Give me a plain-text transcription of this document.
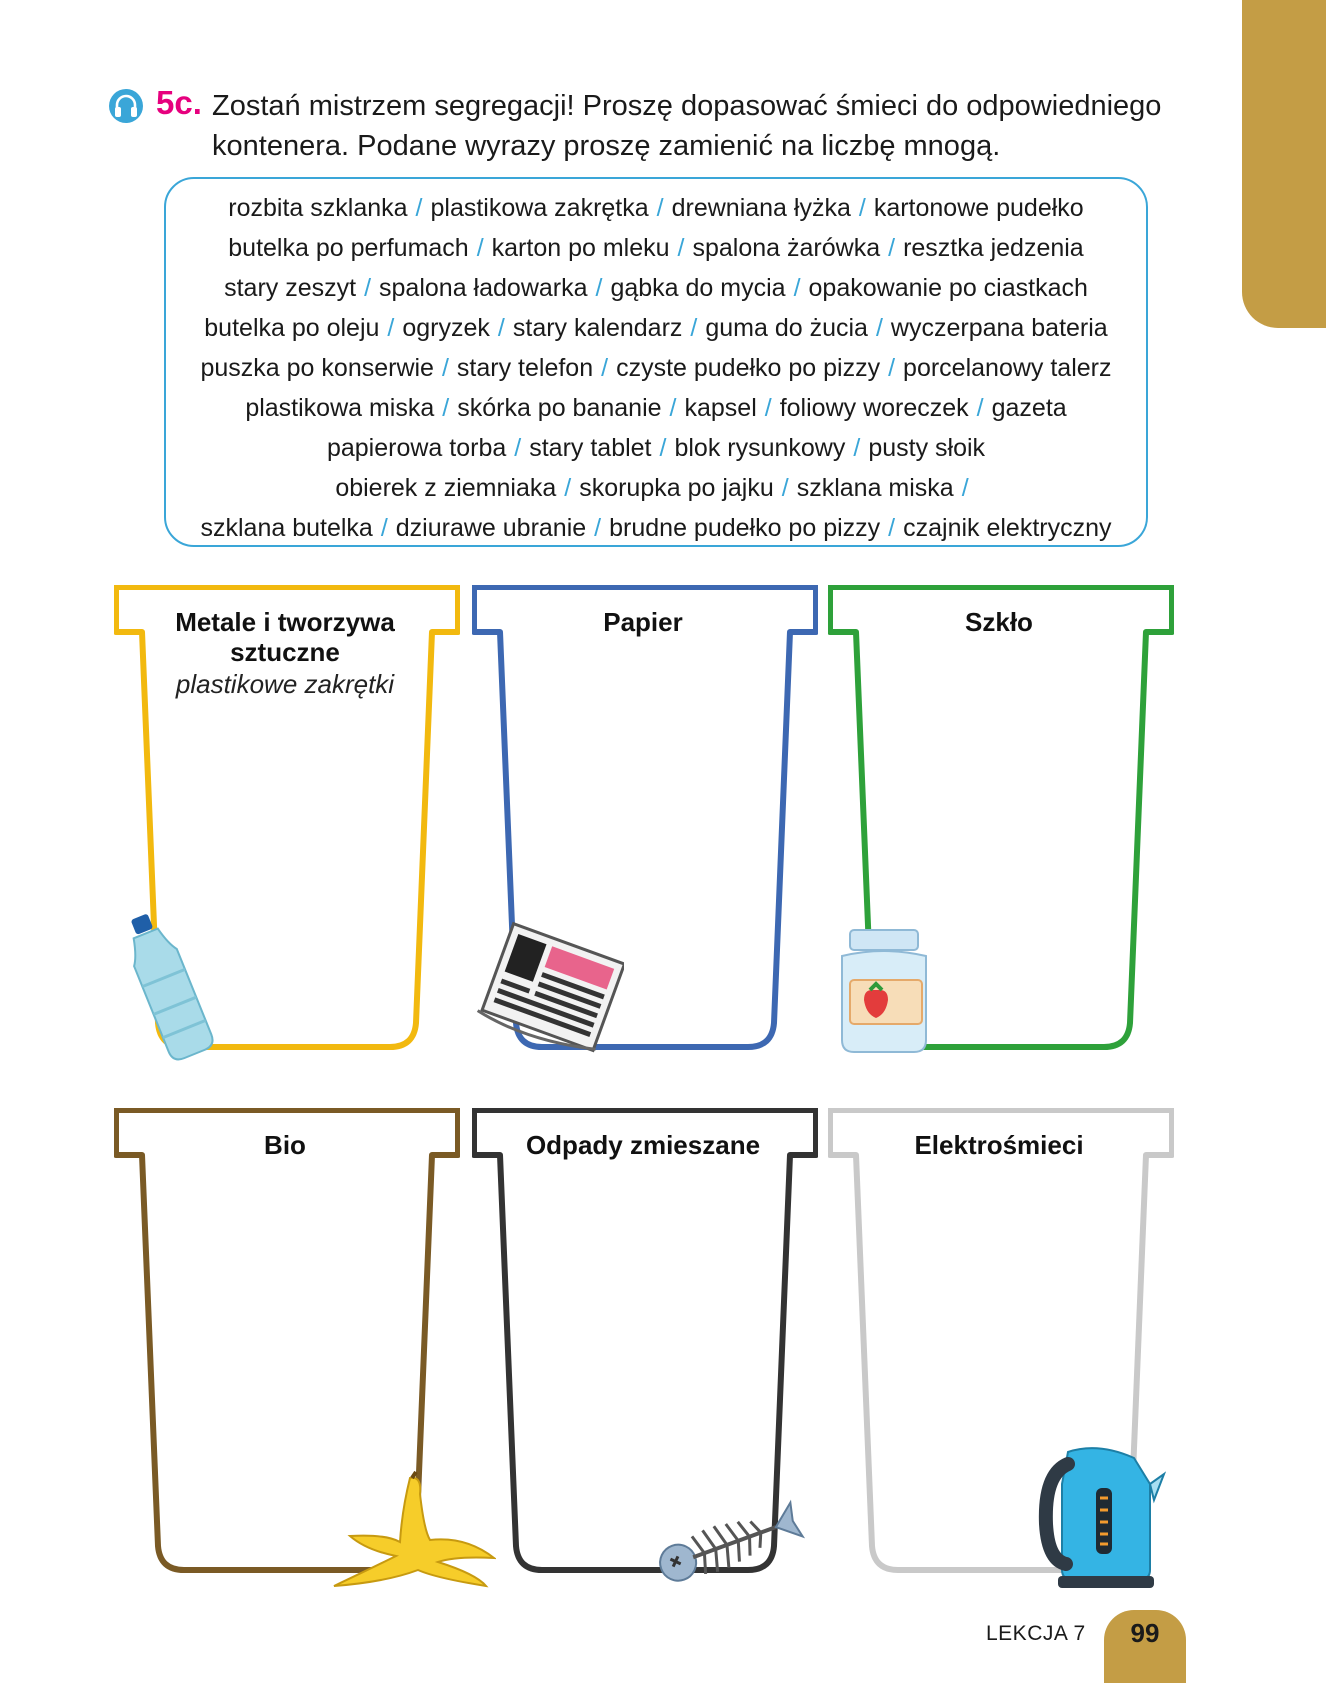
5c. Zostań mistrzem segregacji! Proszę dopasować śmieci do odpowiedniego
kontenera. Podane wyrazy proszę zamienić na liczbę mnogą.
rozbita szklanka / plastikowa zakrętka / drewniana łyżka / kartonowe pudełko
butelka po perfumach / karton po mleku / spalona żarówka / resztka jedzenia
stary zeszyt / spalona ładowarka / gąbka do mycia / opakowanie po ciastkach
butelka po oleju / ogryzek / stary kalendarz / guma do żucia / wyczerpana bateria
puszka po konserwie / stary telefon / czyste pudełko po pizzy / porcelanowy talerz
plastikowa miska / skórka po bananie / kapsel / foliowy woreczek / gazeta
papierowa torba / stary tablet / blok rysunkowy / pusty słoik
obierek z ziemniaka / skorupka po jajku / szklana miska /
szklana butelka / dziurawe ubranie / brudne pudełko po pizzy / czajnik elektryczny
Metale i tworzywa sztuczne
plastikowe zakrętki
Papier	Szkło
Bio	Odpady zmieszane	Elektrośmieci
LEKCJA 7	99
